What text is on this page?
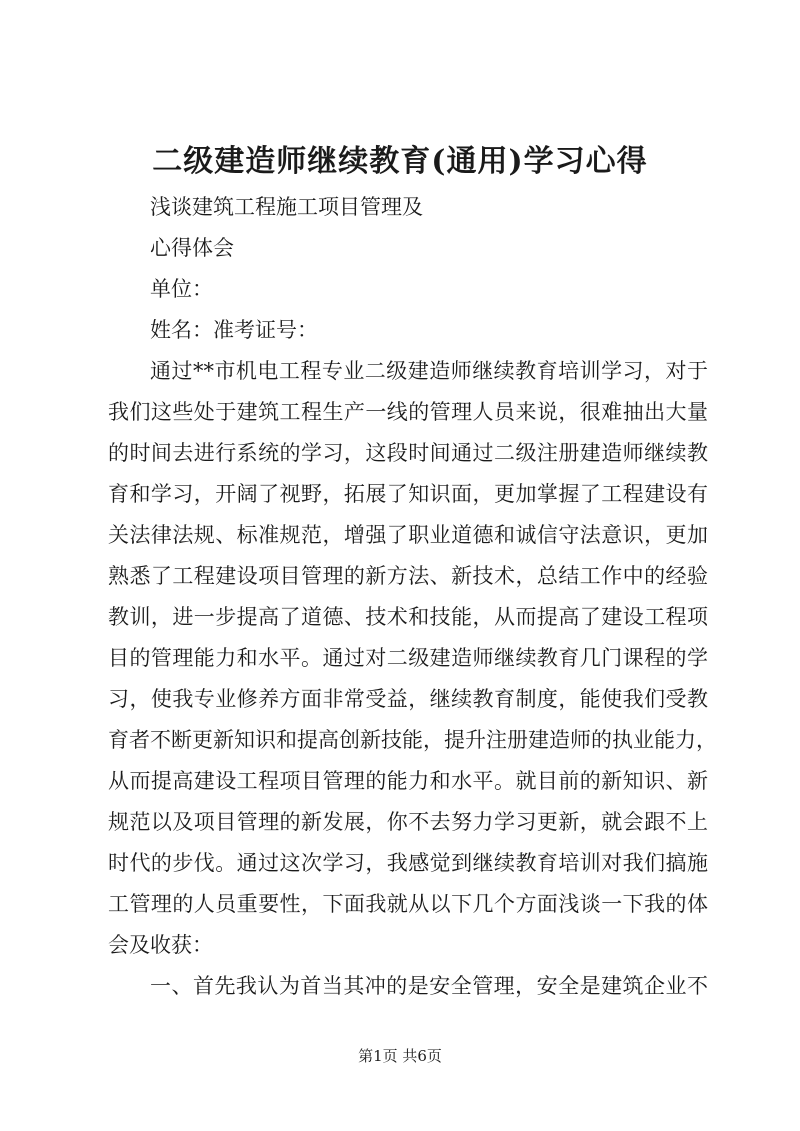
二级建造师继续教育(通用)学习心得
浅谈建筑工程施工项目管理及
心得体会
单位：
姓名：准考证号：
通过**市机电工程专业二级建造师继续教育培训学习，对于
我们这些处于建筑工程生产一线的管理人员来说，很难抽出大量
的时间去进行系统的学习，这段时间通过二级注册建造师继续教
育和学习，开阔了视野，拓展了知识面，更加掌握了工程建设有
关法律法规、标准规范，增强了职业道德和诚信守法意识，更加
熟悉了工程建设项目管理的新方法、新技术，总结工作中的经验
教训，进一步提高了道德、技术和技能，从而提高了建设工程项
目的管理能力和水平。通过对二级建造师继续教育几门课程的学
习，使我专业修养方面非常受益，继续教育制度，能使我们受教
育者不断更新知识和提高创新技能，提升注册建造师的执业能力，
从而提高建设工程项目管理的能力和水平。就目前的新知识、新
规范以及项目管理的新发展，你不去努力学习更新，就会跟不上
时代的步伐。通过这次学习，我感觉到继续教育培训对我们搞施
工管理的人员重要性，下面我就从以下几个方面浅谈一下我的体
会及收获：
一、首先我认为首当其冲的是安全管理，安全是建筑企业不
第1页 共6页
